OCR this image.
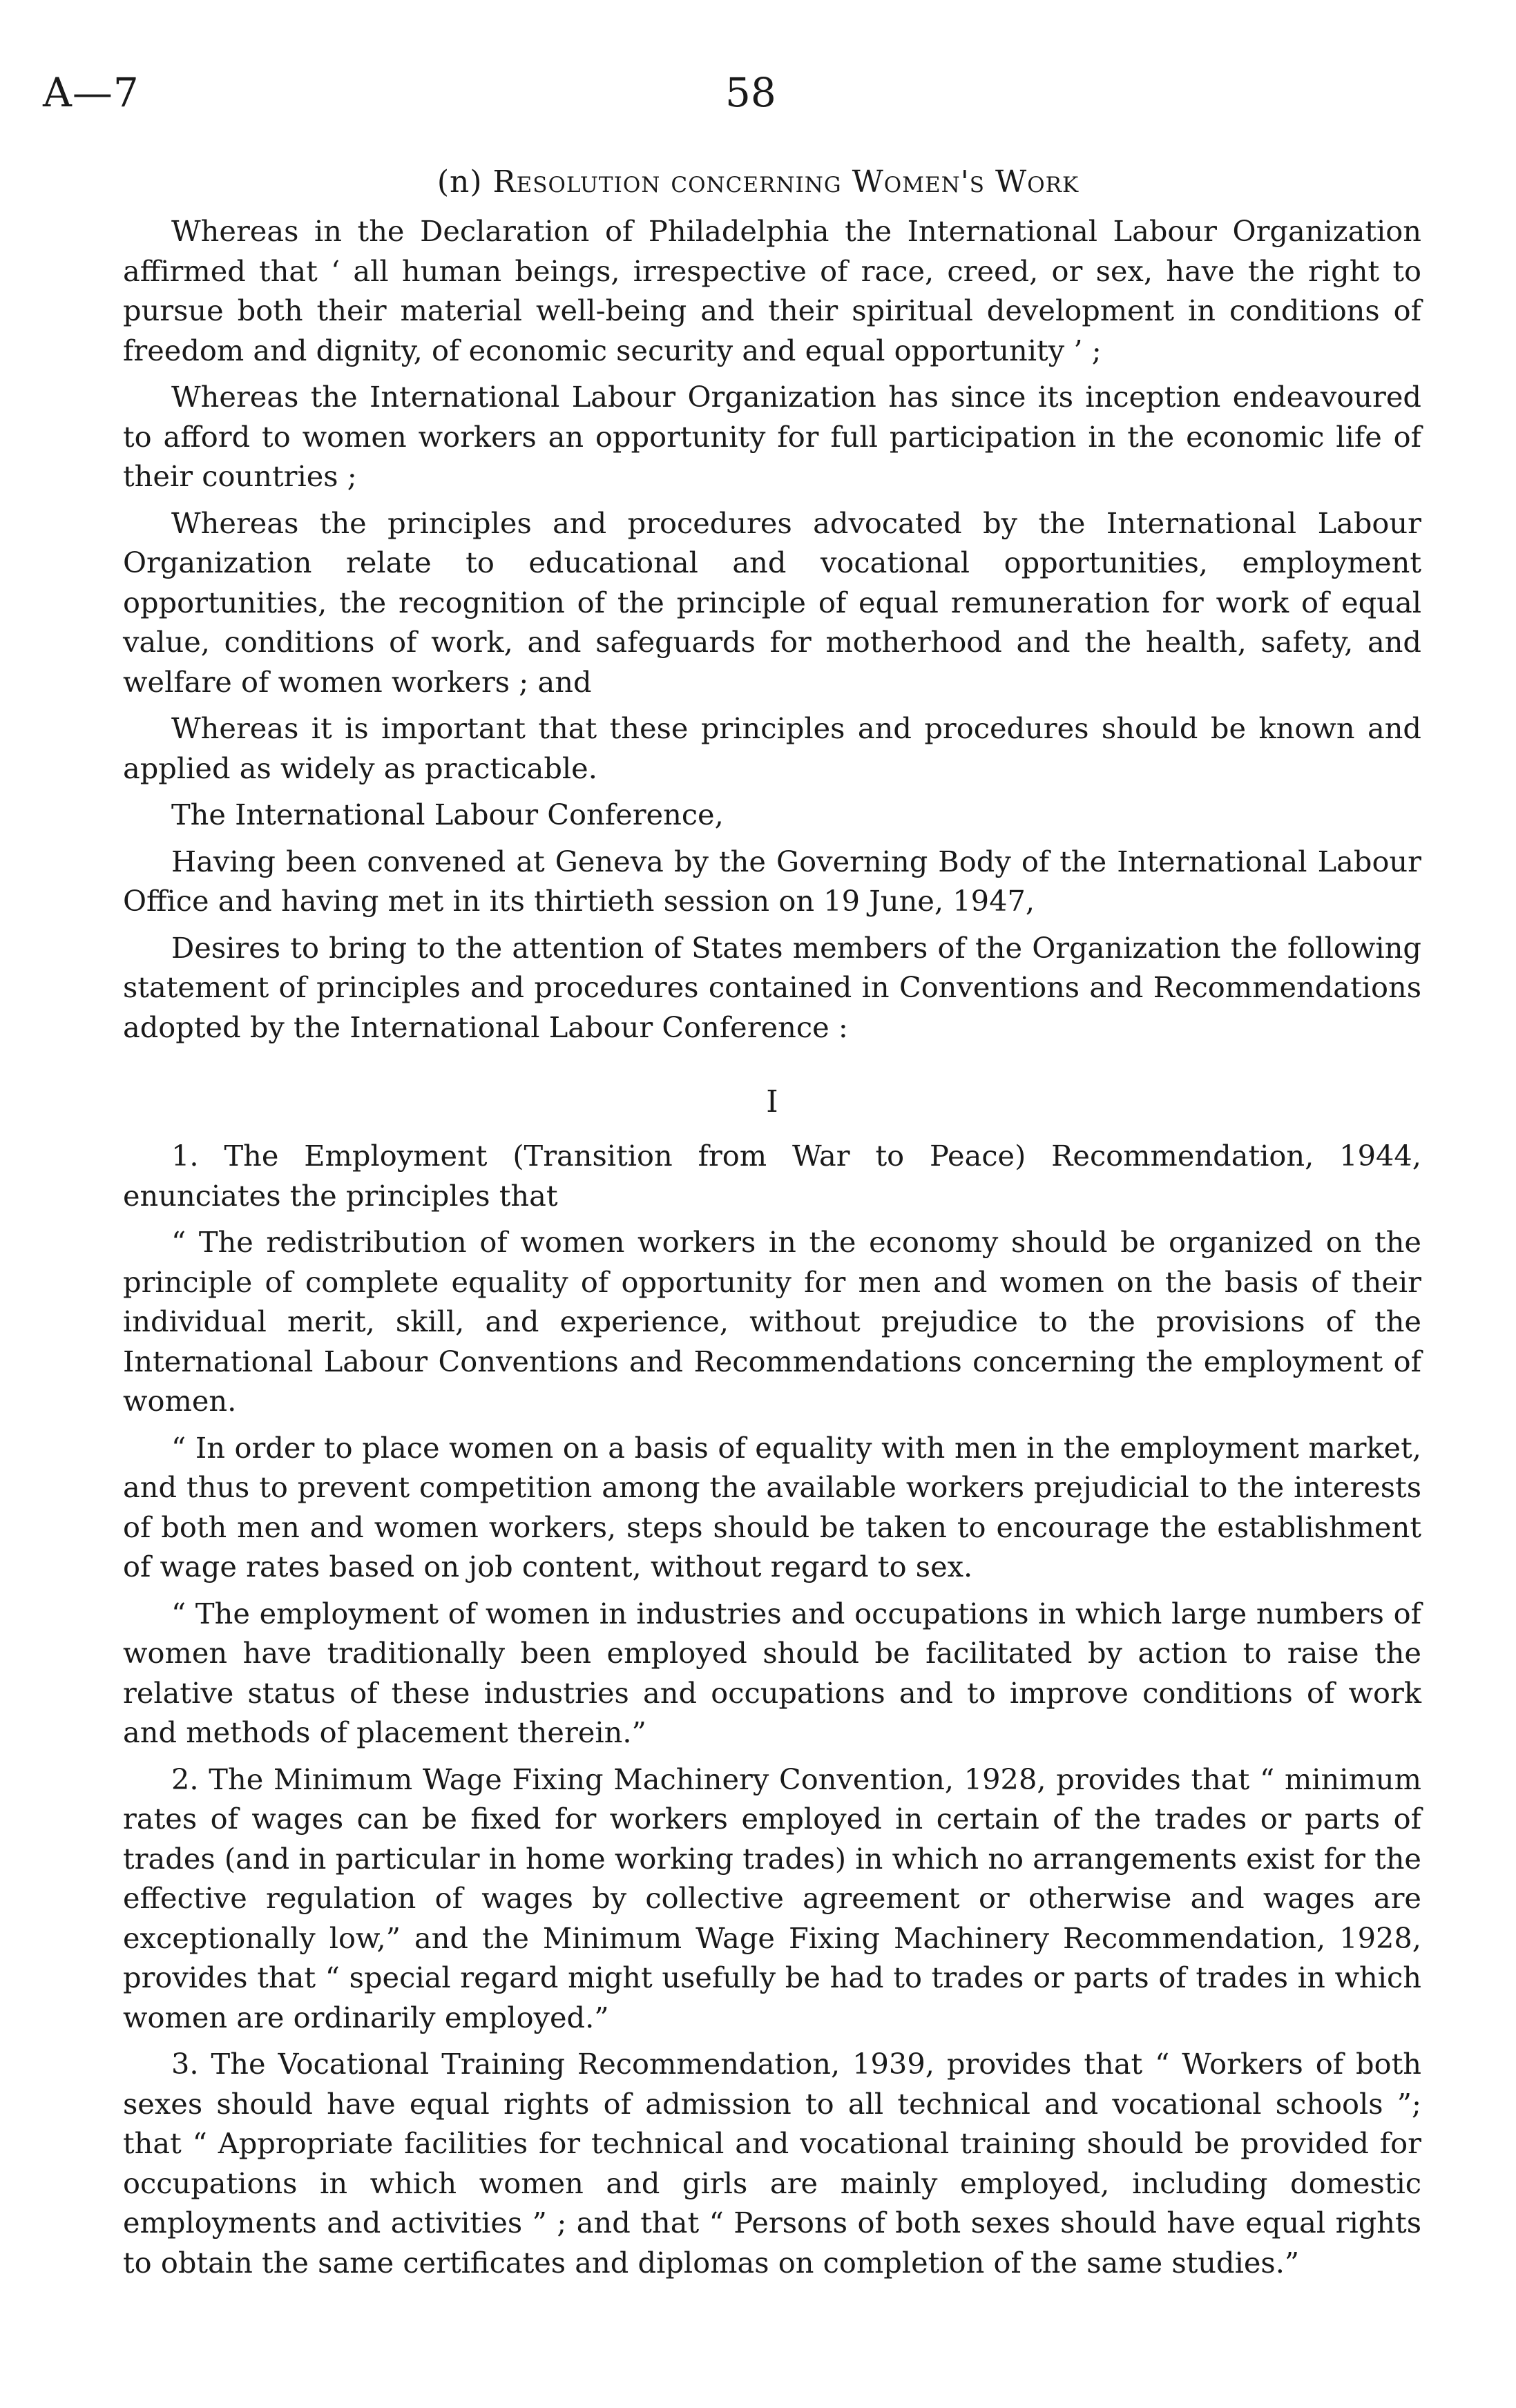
A—7	58
(n) Resolution concerning Women's Work

Whereas in the Declaration of Philadelphia the International Labour Organization affirmed that ‘ all human beings, irrespective of race, creed, or sex, have the right to pursue both their material well-being and their spiritual development in conditions of freedom and dignity, of economic security and equal opportunity ’ ;

Whereas the International Labour Organization has since its inception endeavoured to afford to women workers an opportunity for full participation in the economic life of their countries ;

Whereas the principles and procedures advocated by the International Labour Organization relate to educational and vocational opportunities, employment opportunities, the recognition of the principle of equal remuneration for work of equal value, conditions of work, and safeguards for motherhood and the health, safety, and welfare of women workers ; and

Whereas it is important that these principles and procedures should be known and applied as widely as practicable.

The International Labour Conference,

Having been convened at Geneva by the Governing Body of the International Labour Office and having met in its thirtieth session on 19 June, 1947,

Desires to bring to the attention of States members of the Organization the following statement of principles and procedures contained in Conventions and Recommendations adopted by the International Labour Conference :

I

1. The Employment (Transition from War to Peace) Recommendation, 1944, enunciates the principles that

“ The redistribution of women workers in the economy should be organized on the principle of complete equality of opportunity for men and women on the basis of their individual merit, skill, and experience, without prejudice to the provisions of the International Labour Conventions and Recommendations concerning the employment of women.

“ In order to place women on a basis of equality with men in the employment market, and thus to prevent competition among the available workers prejudicial to the interests of both men and women workers, steps should be taken to encourage the establishment of wage rates based on job content, without regard to sex.

“ The employment of women in industries and occupations in which large numbers of women have traditionally been employed should be facilitated by action to raise the relative status of these industries and occupations and to improve conditions of work and methods of placement therein.”

2. The Minimum Wage Fixing Machinery Convention, 1928, provides that “ minimum rates of wages can be fixed for workers employed in certain of the trades or parts of trades (and in particular in home working trades) in which no arrangements exist for the effective regulation of wages by collective agreement or otherwise and wages are exceptionally low,” and the Minimum Wage Fixing Machinery Recommendation, 1928, provides that “ special regard might usefully be had to trades or parts of trades in which women are ordinarily employed.”

3. The Vocational Training Recommendation, 1939, provides that “ Workers of both sexes should have equal rights of admission to all technical and vocational schools ”; that “ Appropriate facilities for technical and vocational training should be provided for occupations in which women and girls are mainly employed, including domestic employments and activities ” ; and that “ Persons of both sexes should have equal rights to obtain the same certificates and diplomas on completion of the same studies.”
